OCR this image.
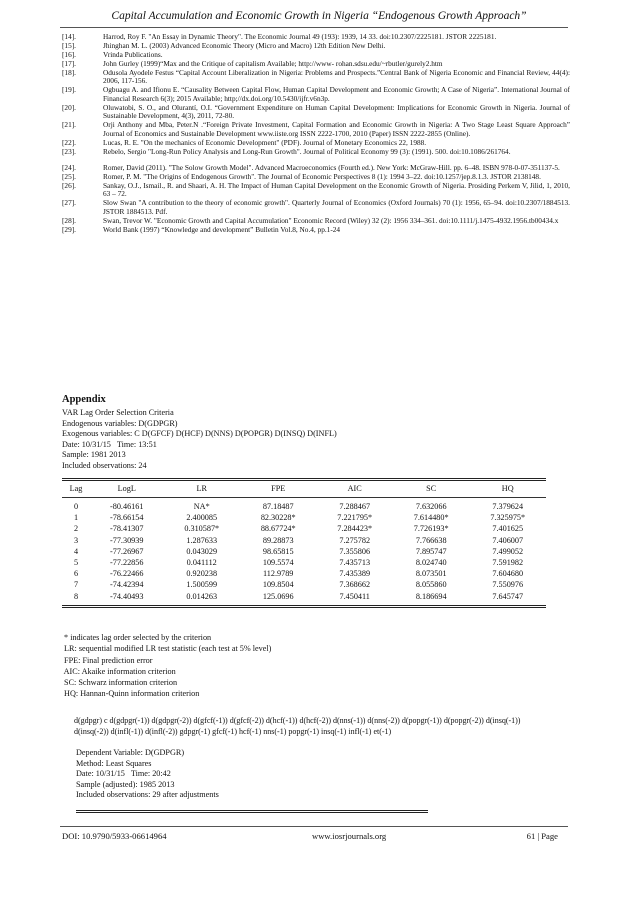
Capital Accumulation and Economic Growth in Nigeria “Endogenous Growth Approach”
[14].	Harrod, Roy F. "An Essay in Dynamic Theory". The Economic Journal 49 (193): 1939, 14 33. doi:10.2307/2225181. JSTOR 2225181.
[15].	Jhinghan M. L. (2003) Advanced Economic Theory (Micro and Macro) 12th Edition New Delhi.
[16].	Vrinda Publications.
[17].	John Gurley (1999)“Max and the Critique of capitalism Available; http://www- rohan.sdsu.edu/~rbutler/gurely2.htm
[18].	Odusola Ayodele Festus “Capital Account Liberalization in Nigeria: Problems and Prospects.”Central Bank of Nigeria Economic and Financial Review, 44(4): 2006, 117-156.
[19].	Ogbuagu A. and Ifionu E. “Causality Between Capital Flow, Human Capital Development and Economic Growth; A Case of Nigeria”. International Journal of Financial Research 6(3); 2015 Available; http;//dx.doi.org/10.5430/ijfr.v6n3p.
[20].	Oluwatobi, S. O., and Olurantí, O.I. “Government Expenditure on Human Capital Development: Implications for Economic Growth in Nigeria. Journal of Sustainable Development, 4(3), 2011, 72-80.
[21].	Orji Anthony and Mba, Peter.N .“Foreign Private Investment, Capital Formation and Economic Growth in Nigeria: A Two Stage Least Square Approach” Journal of Economics and Sustainable Development www.iiste.org ISSN 2222-1700, 2010 (Paper) ISSN 2222-2855 (Online).
[22].	Lucas, R. E. "On the mechanics of Economic Development" (PDF). Journal of Monetary Economics 22, 1988.
[23].	Rebelo, Sergio "Long-Run Policy Analysis and Long-Run Growth". Journal of Political Economy 99 (3): (1991). 500. doi:10.1086/261764.
[24].	Romer, David (2011). "The Solow Growth Model". Advanced Macroeconomics (Fourth ed.). New York: McGraw-Hill. pp. 6–48. ISBN 978-0-07-351137-5.
[25].	Romer, P. M. "The Origins of Endogenous Growth". The Journal of Economic Perspectives 8 (1): 1994 3–22. doi:10.1257/jep.8.1.3. JSTOR 2138148.
[26].	Sankay, O.J., Ismail., R. and Shaari, A. H. The Impact of Human Capital Development on the Economic Growth of Nigeria. Prosiding Perkem V, Jilid, 1, 2010, 63 – 72.
[27].	Slow Swan "A contribution to the theory of economic growth". Quarterly Journal of Economics (Oxford Journals) 70 (1): 1956, 65–94. doi:10.2307/1884513. JSTOR 1884513. Pdf.
[28].	Swan, Trevor W. "Economic Growth and Capital Accumulation" Economic Record (Wiley) 32 (2): 1956 334–361. doi:10.1111/j.1475-4932.1956.tb00434.x
[29].	World Bank (1997) “Knowledge and development” Bulletin Vol.8, No.4, pp.1-24
Appendix
VAR Lag Order Selection Criteria
Endogenous variables: D(GDPGR)
Exogenous variables: C D(GFCF) D(HCF) D(NNS) D(POPGR) D(INSQ) D(INFL)
Date: 10/31/15   Time: 13:51
Sample: 1981 2013
Included observations: 24
Lag	LogL	LR	FPE	AIC	SC	HQ

0	-80.46161	NA*	87.18487	7.288467	7.632066	7.379624
1	-78.66154	2.400085	82.30228*	7.221795*	7.614480*	7.325975*
2	-78.41307	0.310587*	88.67724*	7.284423*	7.726193*	7.401625
3	-77.30939	1.287633	89.28873	7.275782	7.766638	7.406007
4	-77.26967	0.043029	98.65815	7.355806	7.895747	7.499052
5	-77.22856	0.041112	109.5574	7.435713	8.024740	7.591982
6	-76.22466	0.920238	112.9789	7.435389	8.073501	7.604680
7	-74.42394	1.500599	109.8504	7.368662	8.055860	7.550976
8	-74.40493	0.014263	125.0696	7.450411	8.186694	7.645747
* indicates lag order selected by the criterion
LR: sequential modified LR test statistic (each test at 5% level)
FPE: Final prediction error
AIC: Akaike information criterion
SC: Schwarz information criterion
HQ: Hannan-Quinn information criterion
d(gdpgr) c d(gdpgr(-1)) d(gdpgr(-2)) d(gfcf(-1)) d(gfcf(-2)) d(hcf(-1)) d(hcf(-2)) d(nns(-1)) d(nns(-2)) d(popgr(-1)) d(popgr(-2)) d(insq(-1)) d(insq(-2)) d(infl(-1)) d(infl(-2)) gdpgr(-1) gfcf(-1) hcf(-1) nns(-1) popgr(-1) insq(-1) infl(-1) et(-1)
Dependent Variable: D(GDPGR)
Method: Least Squares
Date: 10/31/15   Time: 20:42
Sample (adjusted): 1985 2013
Included observations: 29 after adjustments
DOI: 10.9790/5933-06614964	www.iosrjournals.org	61 | Page
